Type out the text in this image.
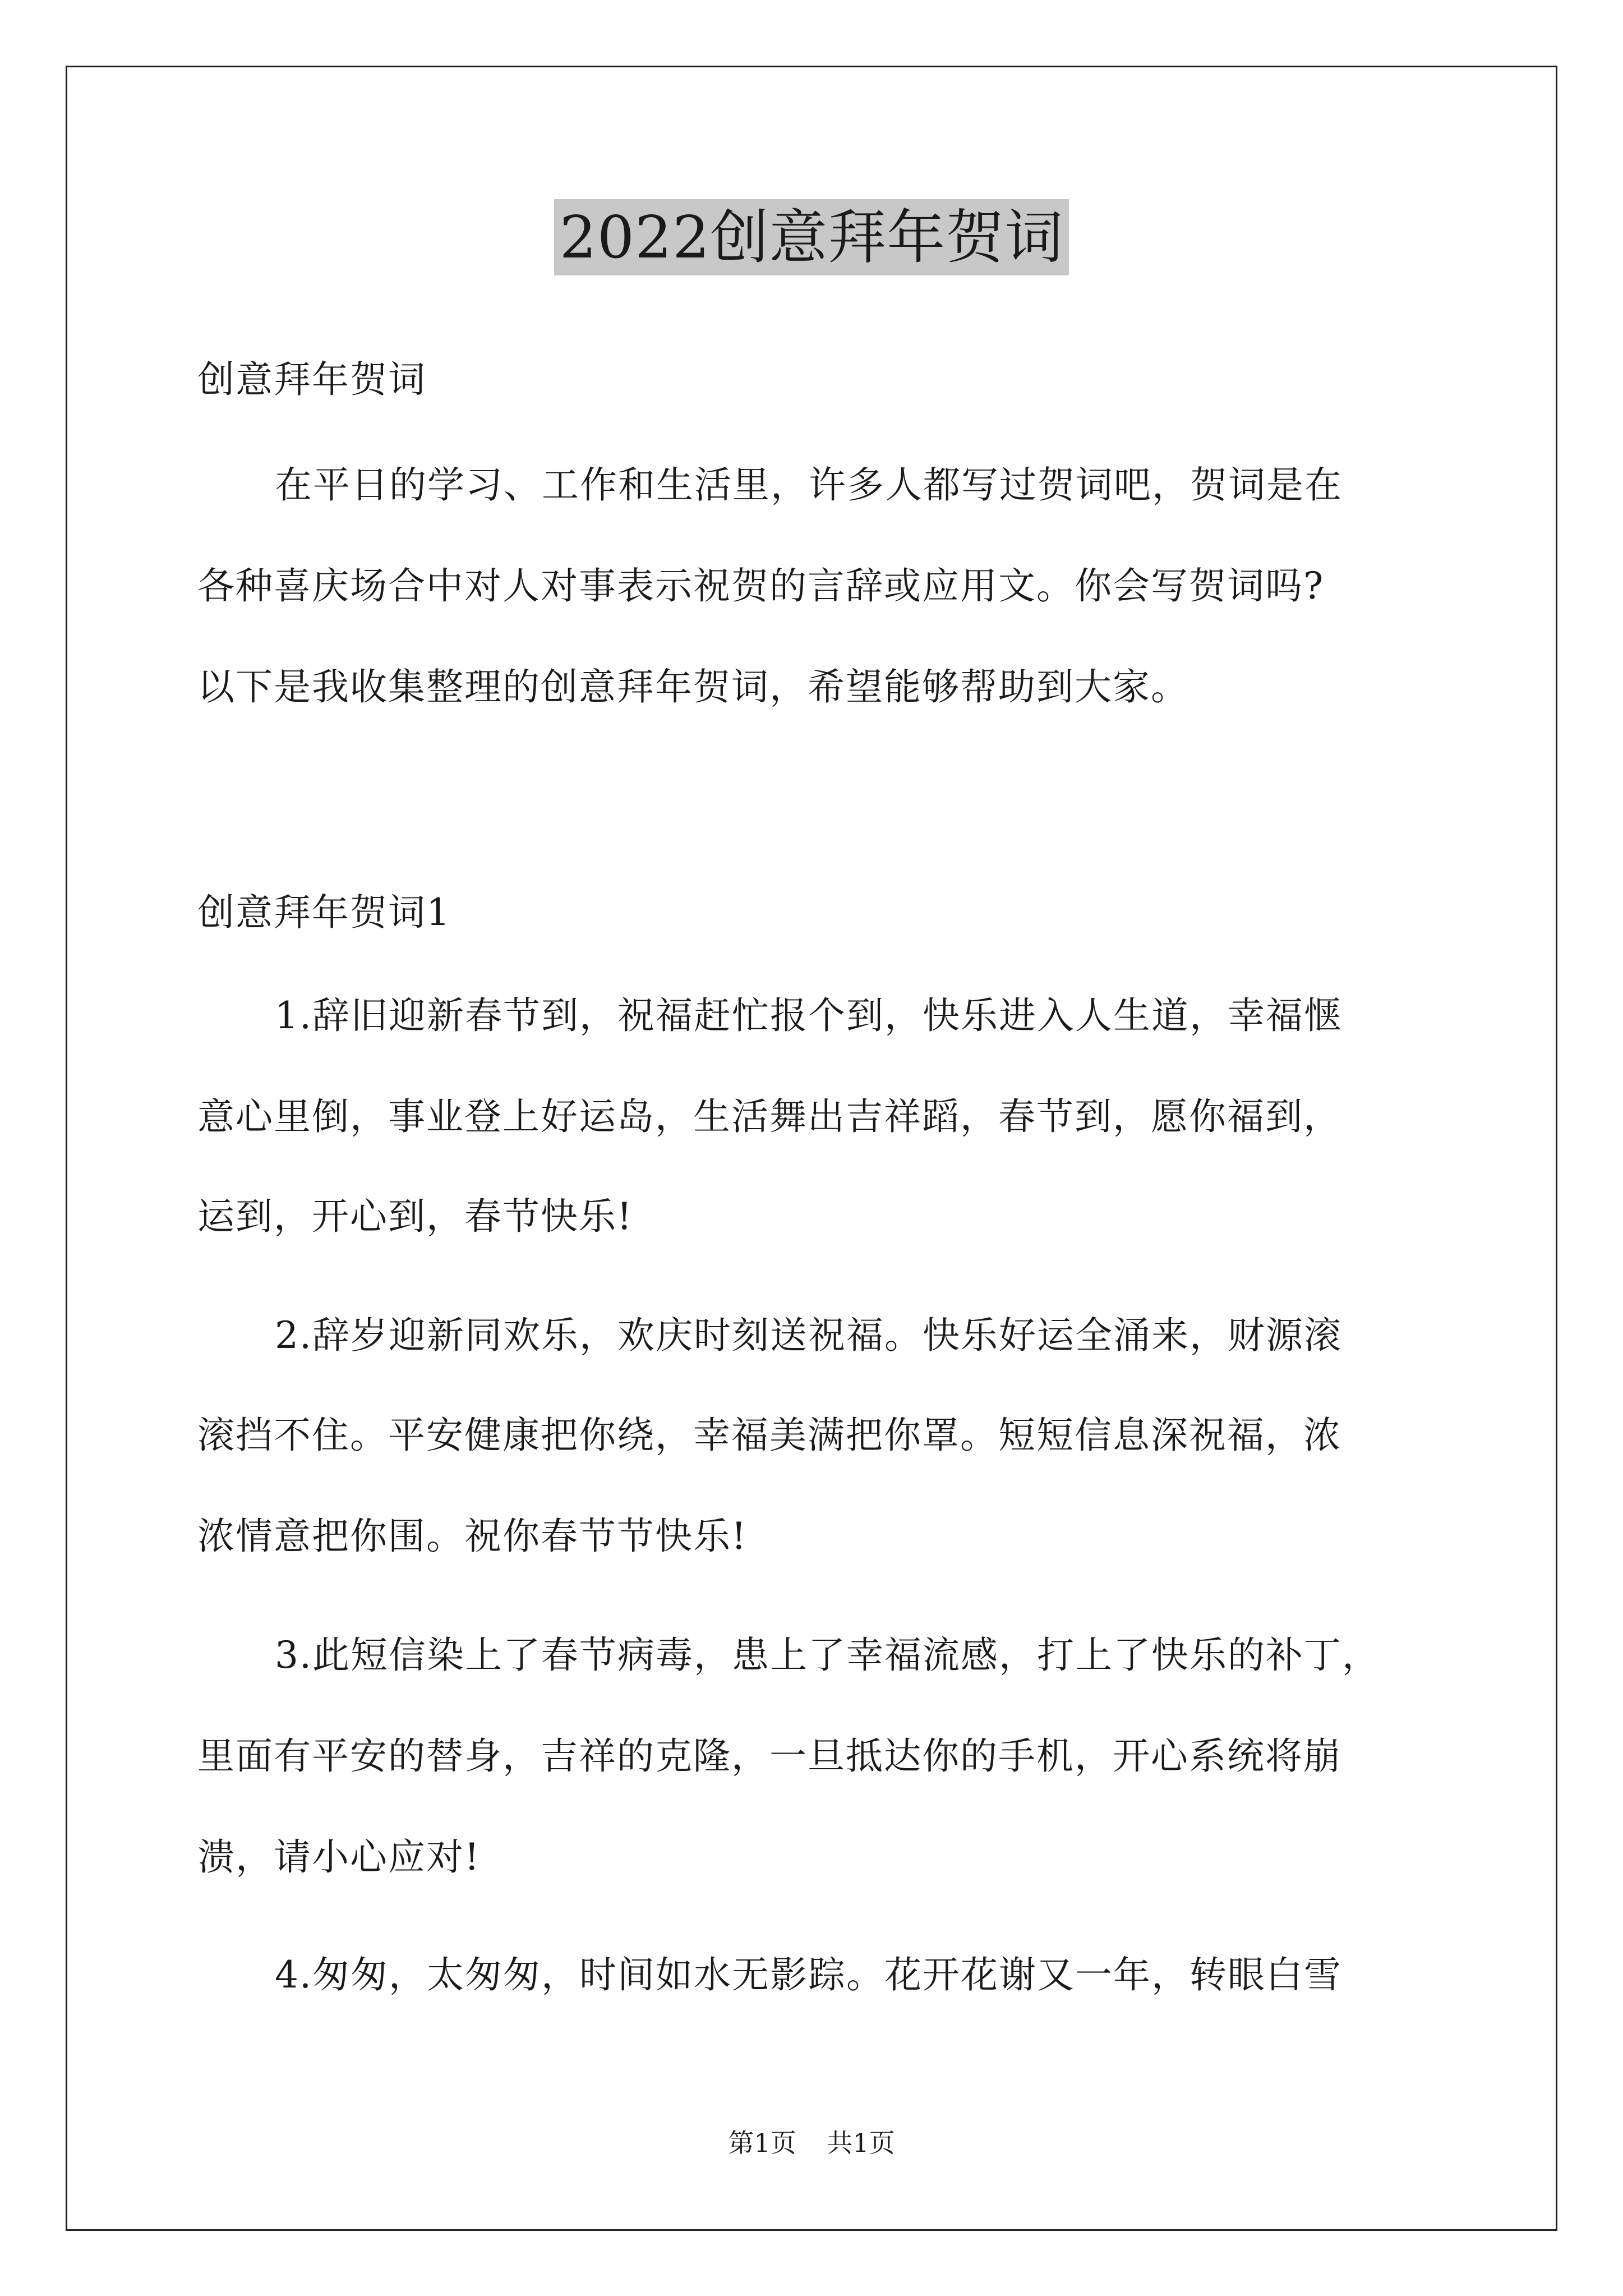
2022创意拜年贺词
创意拜年贺词
在平日的学习、工作和生活里，许多人都写过贺词吧，贺词是在
各种喜庆场合中对人对事表示祝贺的言辞或应用文。你会写贺词吗?
以下是我收集整理的创意拜年贺词，希望能够帮助到大家。
创意拜年贺词1
1.辞旧迎新春节到，祝福赶忙报个到，快乐进入人生道，幸福惬
意心里倒，事业登上好运岛，生活舞出吉祥蹈，春节到，愿你福到，
运到，开心到，春节快乐!
2.辞岁迎新同欢乐，欢庆时刻送祝福。快乐好运全涌来，财源滚
滚挡不住。平安健康把你绕，幸福美满把你罩。短短信息深祝福，浓
浓情意把你围。祝你春节节快乐!
3.此短信染上了春节病毒，患上了幸福流感，打上了快乐的补丁，
里面有平安的替身，吉祥的克隆，一旦抵达你的手机，开心系统将崩
溃，请小心应对!
4.匆匆，太匆匆，时间如水无影踪。花开花谢又一年，转眼白雪
第1页 共1页
